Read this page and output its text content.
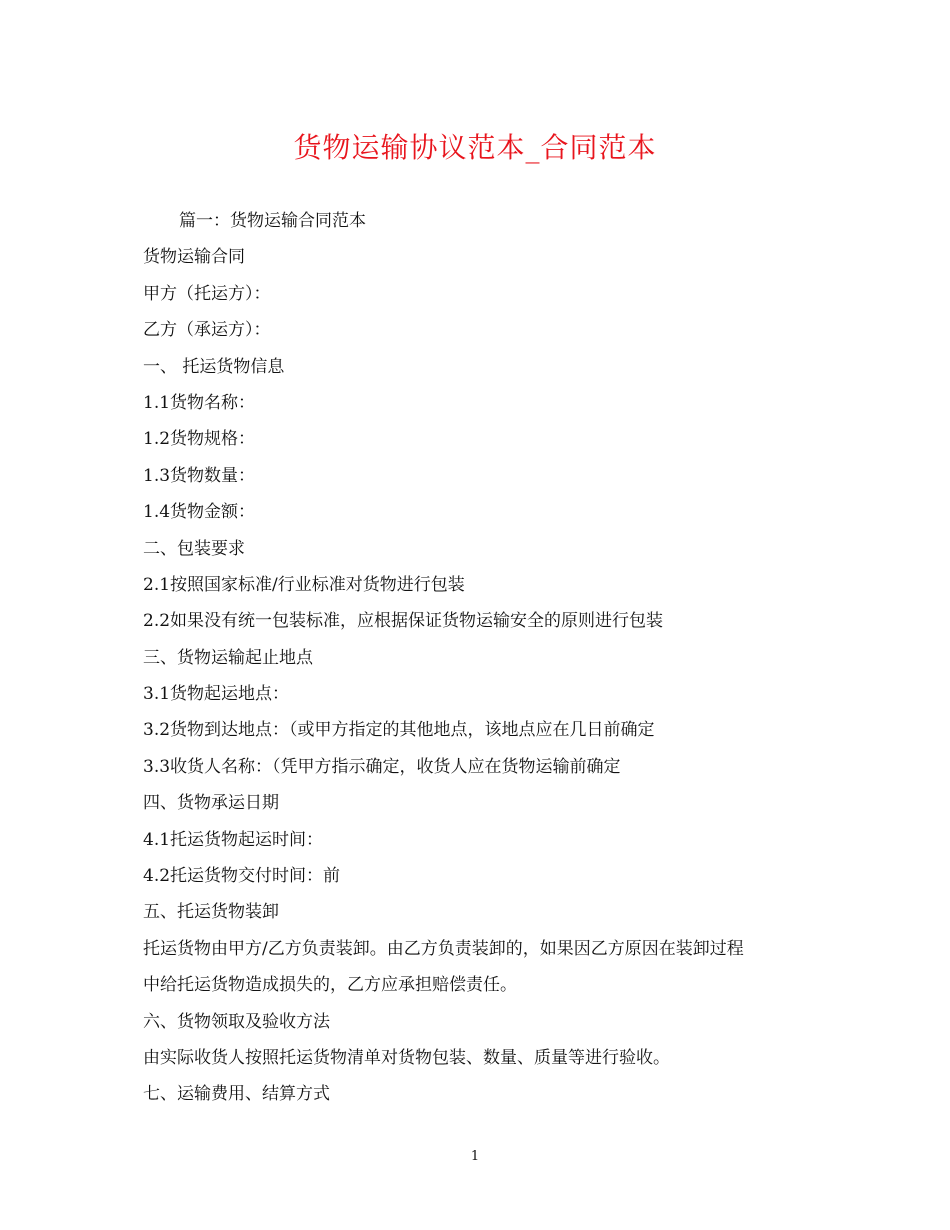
货物运输协议范本_合同范本
篇一：货物运输合同范本
货物运输合同
甲方（托运方）：
乙方（承运方）：
一、 托运货物信息
1.1货物名称：
1.2货物规格：
1.3货物数量：
1.4货物金额：
二、包装要求
2.1按照国家标准/行业标准对货物进行包装
2.2如果没有统一包装标准，应根据保证货物运输安全的原则进行包装
三、货物运输起止地点
3.1货物起运地点：
3.2货物到达地点：（或甲方指定的其他地点，该地点应在几日前确定
3.3收货人名称：（凭甲方指示确定，收货人应在货物运输前确定
四、货物承运日期
4.1托运货物起运时间：
4.2托运货物交付时间：前
五、托运货物装卸
托运货物由甲方/乙方负责装卸。由乙方负责装卸的，如果因乙方原因在装卸过程
中给托运货物造成损失的，乙方应承担赔偿责任。
六、货物领取及验收方法
由实际收货人按照托运货物清单对货物包装、数量、质量等进行验收。
七、运输费用、结算方式
1
